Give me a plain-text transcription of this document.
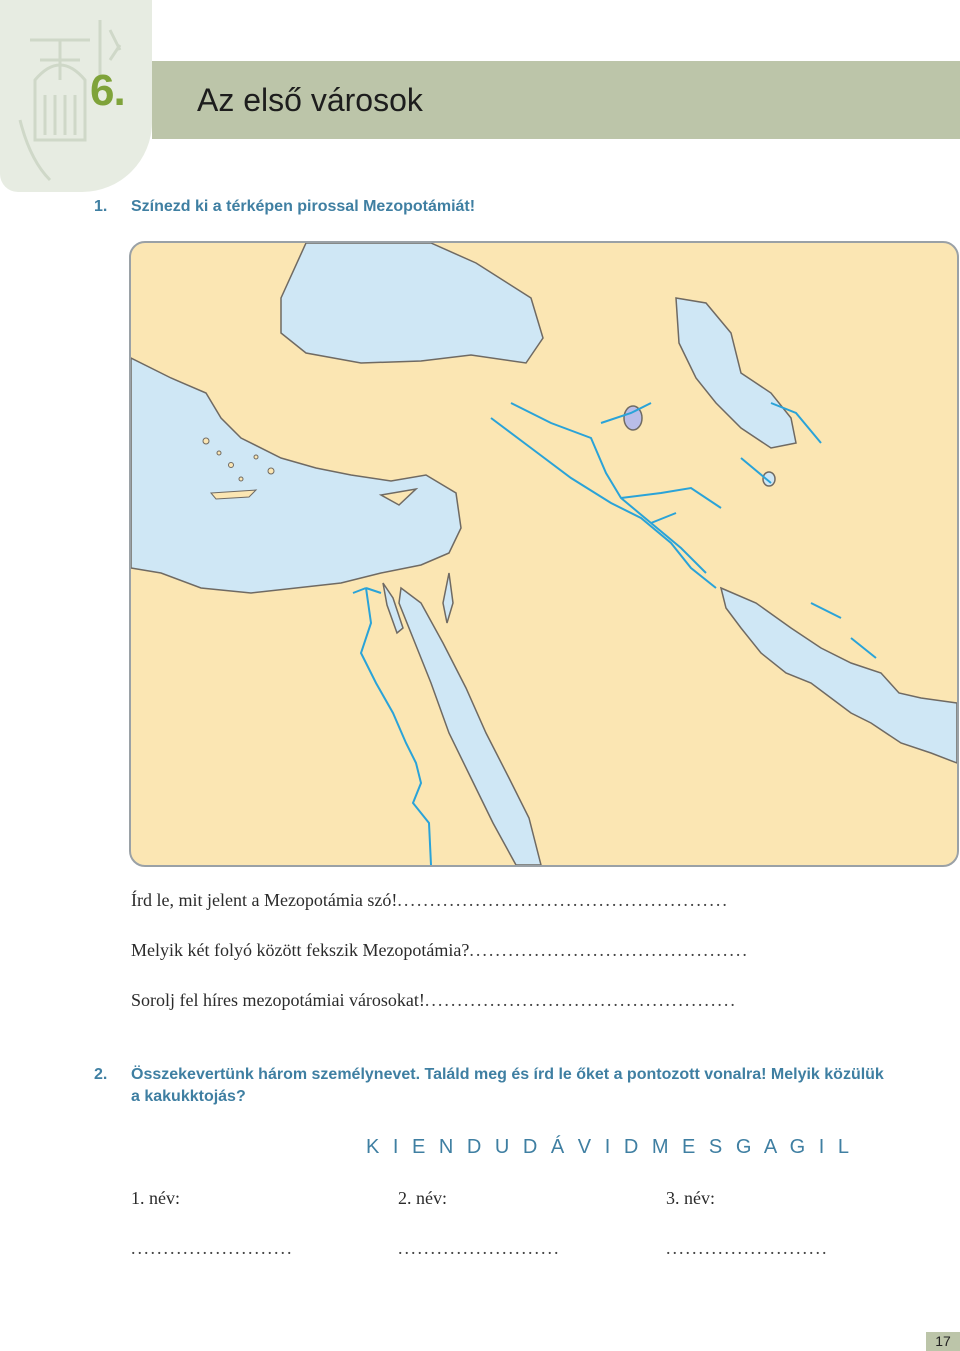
6. Az első városok
1. Színezd ki a térképen pirossal Mezopotámiát!
Írd le, mit jelent a Mezopotámia szó!...................................................
Melyik két folyó között fekszik Mezopotámia?...........................................
Sorolj fel híres mezopotámiai városokat!................................................
2. Összekevertünk három személynevet. Találd meg és írd le őket a pontozott vonalra! Melyik közülük
a kakukktojás?
K I E N D U D Á V I D M E S G A G I L
1. név:	2. név:	3. név:
.........................	.........................	.........................
17
